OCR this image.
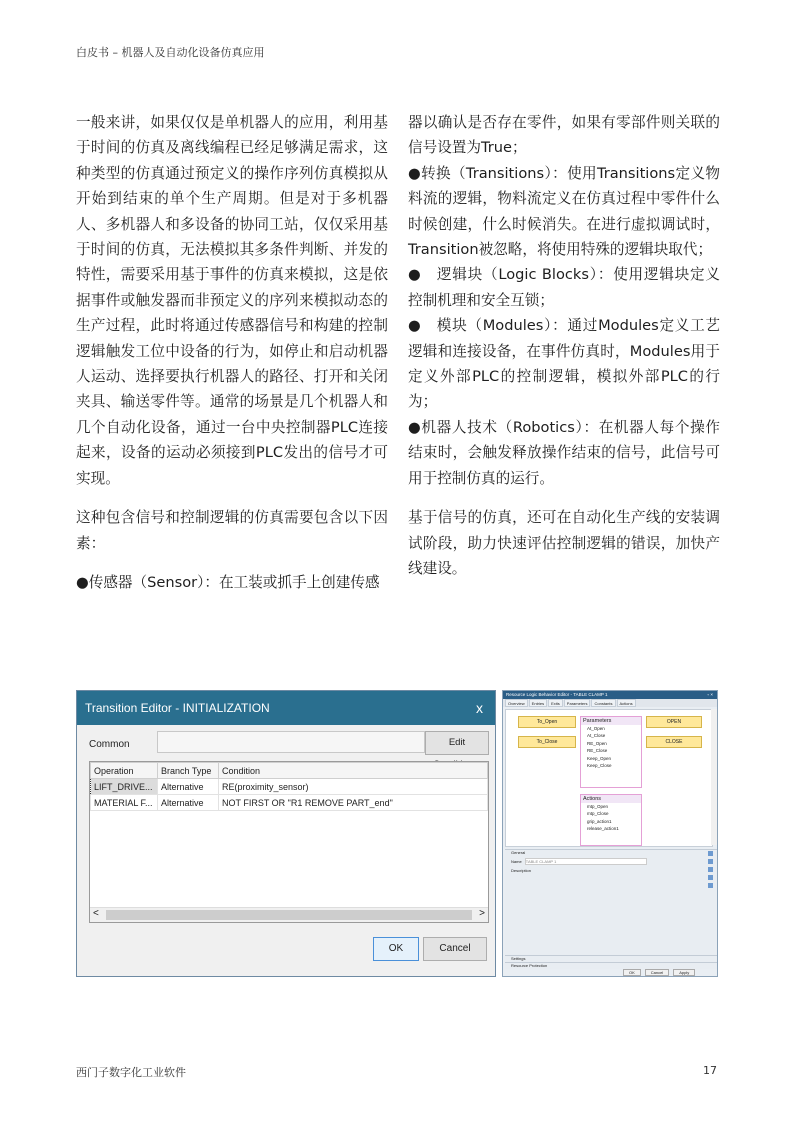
白皮书 – 机器人及自动化设备仿真应用

一般来讲，如果仅仅是单机器人的应用，利用基于时间的仿真及离线编程已经足够满足需求，这种类型的仿真通过预定义的操作序列仿真模拟从开始到结束的单个生产周期。但是对于多机器人、多机器人和多设备的协同工站，仅仅采用基于时间的仿真，无法模拟其多条件判断、并发的特性，需要采用基于事件的仿真来模拟，这是依据事件或触发器而非预定义的序列来模拟动态的生产过程，此时将通过传感器信号和构建的控制逻辑触发工位中设备的行为，如停止和启动机器人运动、选择要执行机器人的路径、打开和关闭夹具、输送零件等。通常的场景是几个机器人和几个自动化设备，通过一台中央控制器PLC连接起来，设备的运动必须接到PLC发出的信号才可实现。

这种包含信号和控制逻辑的仿真需要包含以下因素：

●传感器（Sensor）：在工装或抓手上创建传感

器以确认是否存在零件，如果有零部件则关联的信号设置为True；

●转换（Transitions）：使用Transitions定义物料流的逻辑，物料流定义在仿真过程中零件什么时候创建，什么时候消失。在进行虚拟调试时，Transition被忽略，将使用特殊的逻辑块取代；

●　逻辑块（Logic Blocks）：使用逻辑块定义控制机理和安全互锁；

●　模块（Modules）：通过Modules定义工艺逻辑和连接设备，在事件仿真时，Modules用于定义外部PLC的控制逻辑，模拟外部PLC的行为；

●机器人技术（Robotics）：在机器人每个操作结束时，会触发释放操作结束的信号，此信号可用于控制仿真的运行。

基于信号的仿真，还可在自动化生产线的安装调试阶段，助力快速评估控制逻辑的错误，加快产线建设。

Transition Editor - INITIALIZATION	x
Common	Edit
Operation	Branch Type	Condition
LIFT_DRIVE...	Alternative	RE(proximity_sensor)
MATERIAL F...	Alternative	NOT FIRST OR "R1 REMOVE PART_end"
<	>
OK	Cancel
Resource Logic Behavior Editor - TABLE CLAMP 1	▫ ×
Overview	Entries	Exits	Parameters	Constants	Actions
To_Open
To_Close
Parameters
At_Open
At_Close
RE_Open
RE_Close
Keep_Open
Keep_Close
Actions
mtp_Open
mtp_Close
grip_action1
release_action1
OPEN
CLOSE
General
Name TABLE CLAMP 1
Description
Settings
Resource Protection
OK	Cancel	Apply
西门子数字化工业软件	17
